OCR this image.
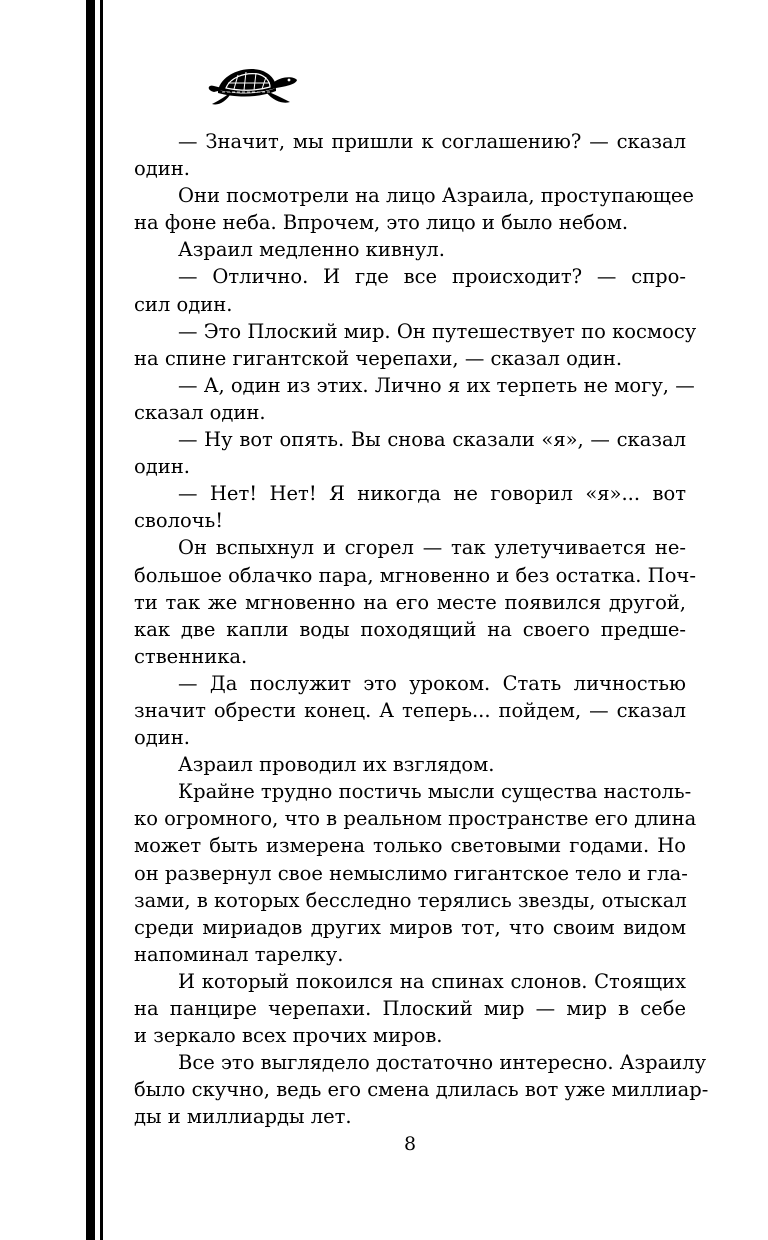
— Значит, мы пришли к соглашению? — сказал
один.
Они посмотрели на лицо Азраила, проступающее
на фоне неба. Впрочем, это лицо и было небом.
Азраил медленно кивнул.
— Отлично. И где все происходит? — спро-
сил один.
— Это Плоский мир. Он путешествует по космосу
на спине гигантской черепахи, — сказал один.
— А, один из этих. Лично я их терпеть не могу, —
сказал один.
— Ну вот опять. Вы снова сказали «я», — сказал
один.
— Нет! Нет! Я никогда не говорил «я»... вот
сволочь!
Он вспыхнул и сгорел — так улетучивается не-
большое облачко пара, мгновенно и без остатка. Поч-
ти так же мгновенно на его месте появился другой,
как две капли воды походящий на своего предше-
ственника.
— Да послужит это уроком. Стать личностью
значит обрести конец. А теперь... пойдем, — сказал
один.
Азраил проводил их взглядом.
Крайне трудно постичь мысли существа настоль-
ко огромного, что в реальном пространстве его длина
может быть измерена только световыми годами. Но
он развернул свое немыслимо гигантское тело и гла-
зами, в которых бесследно терялись звезды, отыскал
среди мириадов других миров тот, что своим видом
напоминал тарелку.
И который покоился на спинах слонов. Стоящих
на панцире черепахи. Плоский мир — мир в себе
и зеркало всех прочих миров.
Все это выглядело достаточно интересно. Азраилу
было скучно, ведь его смена длилась вот уже миллиар-
ды и миллиарды лет.
8
